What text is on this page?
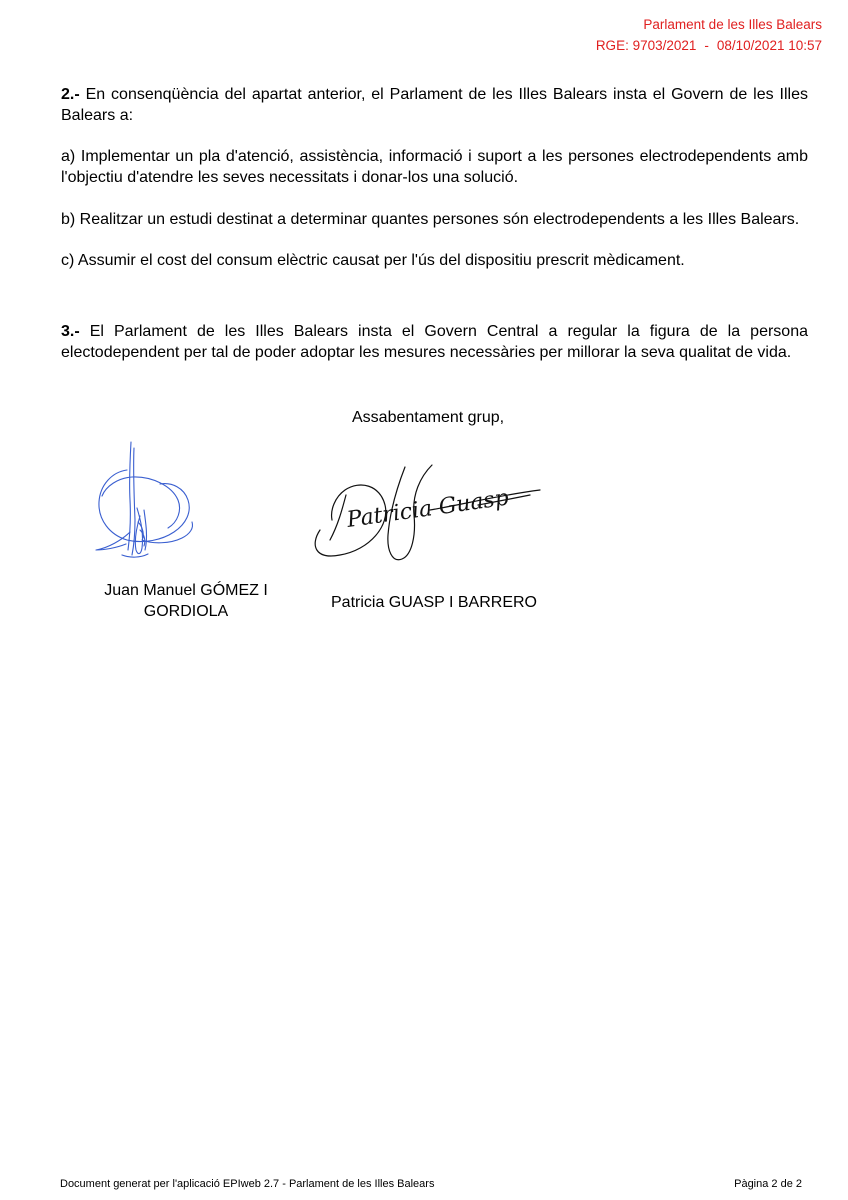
Parlament de les Illes Balears
RGE: 9703/2021 - 08/10/2021 10:57

2.- En consenqüència del apartat anterior, el Parlament de les Illes Balears insta el Govern de les Illes Balears a:

a) Implementar un pla d'atenció, assistència, informació i suport a les persones electrodependents amb l'objectiu d'atendre les seves necessitats i donar-los una solució.

b) Realitzar un estudi destinat a determinar quantes persones són electrodependents a les Illes Balears.

c) Assumir el cost del consum elèctric causat per l'ús del dispositiu prescrit mèdicament.

3.- El Parlament de les Illes Balears insta el Govern Central a regular la figura de la persona electodependent per tal de poder adoptar les mesures necessàries per millorar la seva qualitat de vida.

Assabentament grup,
Patricia Guasp
Juan Manuel GÓMEZ I GORDIOLA
Patricia GUASP I BARRERO
Document generat per l'aplicació EPIweb 2.7 - Parlament de les Illes Balears	Pàgina 2 de 2
